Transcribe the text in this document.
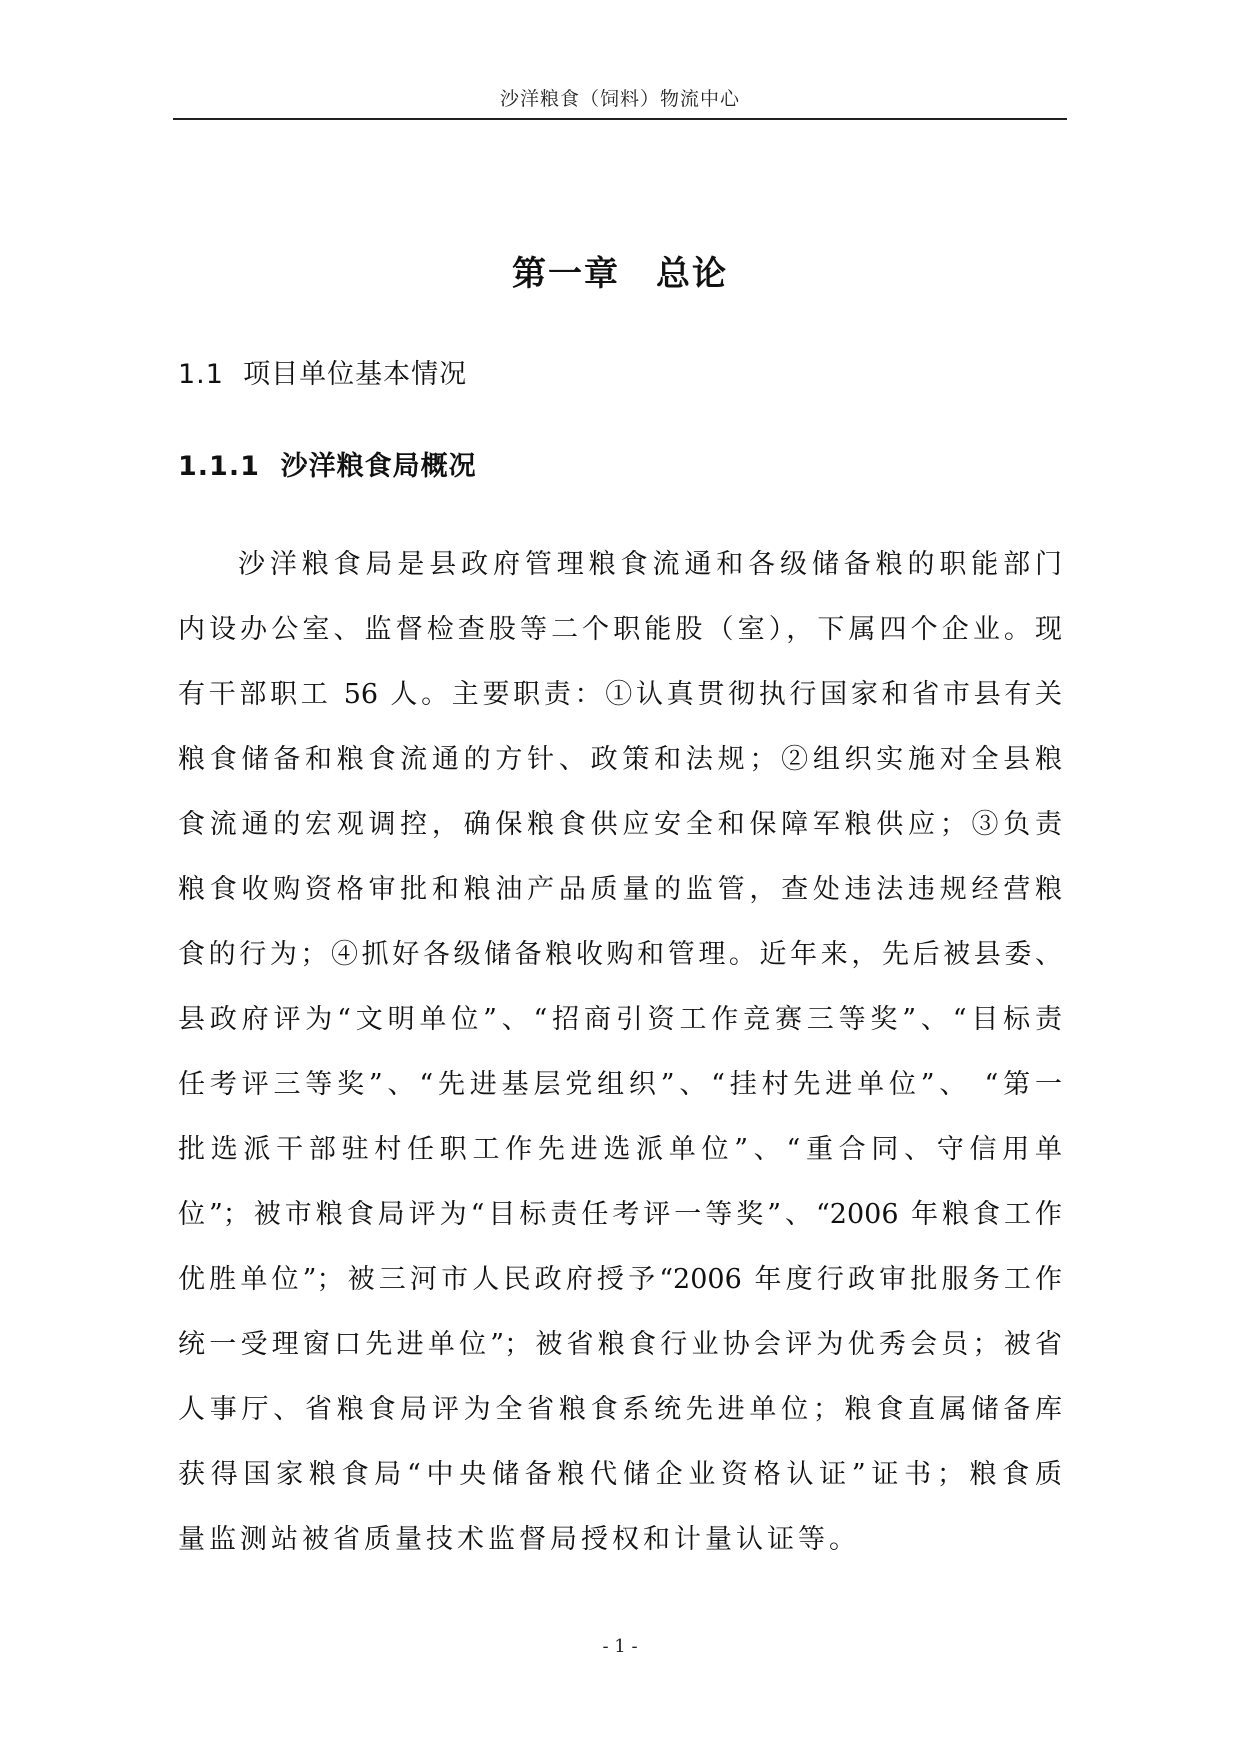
沙洋粮食（饲料）物流中心
第一章　总论
1.1  项目单位基本情况
1.1.1  沙洋粮食局概况
沙洋粮食局是县政府管理粮食流通和各级储备粮的职能部门
内设办公室、监督检查股等二个职能股（室），下属四个企业。现
有干部职工 56 人。主要职责：①认真贯彻执行国家和省市县有关
粮食储备和粮食流通的方针、政策和法规；②组织实施对全县粮
食流通的宏观调控，确保粮食供应安全和保障军粮供应；③负责
粮食收购资格审批和粮油产品质量的监管，查处违法违规经营粮
食的行为；④抓好各级储备粮收购和管理。近年来，先后被县委、
县政府评为“文明单位”、“招商引资工作竞赛三等奖”、“目标责
任考评三等奖”、“先进基层党组织”、“挂村先进单位”、 “第一
批选派干部驻村任职工作先进选派单位”、“重合同、守信用单
位”；被市粮食局评为“目标责任考评一等奖”、“2006 年粮食工作
优胜单位”；被三河市人民政府授予“2006 年度行政审批服务工作
统一受理窗口先进单位”；被省粮食行业协会评为优秀会员；被省
人事厅、省粮食局评为全省粮食系统先进单位；粮食直属储备库
获得国家粮食局“中央储备粮代储企业资格认证”证书；粮食质
量监测站被省质量技术监督局授权和计量认证等。
- 1 -
